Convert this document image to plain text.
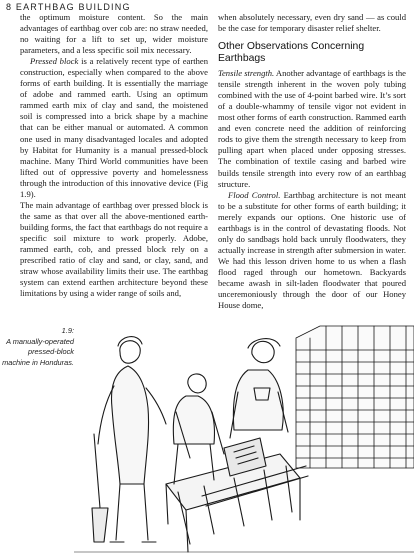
8 EARTHBAG BUILDING

the optimum moisture content. So the main advantages of earthbag over cob are: no straw needed, no waiting for a lift to set up, wider moisture parameters, and a less specific soil mix necessary.

Pressed block is a relatively recent type of earthen construction, especially when compared to the above forms of earth building. It is essentially the marriage of adobe and rammed earth. Using an optimum rammed earth mix of clay and sand, the moistened soil is compressed into a brick shape by a machine that can be either manual or automated. A common one used in many disadvantaged locales and adopted by Habitat for Humanity is a manual pressed-block machine. Many Third World communities have been lifted out of oppressive poverty and homelessness through the introduction of this innovative device (Fig 1.9).

The main advantage of earthbag over pressed block is the same as that over all the above-mentioned earth-building forms, the fact that earthbags do not require a specific soil mixture to work properly. Adobe, rammed earth, cob, and pressed block rely on a prescribed ratio of clay and sand, or clay, sand, and straw whose availability limits their use. The earthbag system can extend earthen architecture beyond these limitations by using a wider range of soils and,

when absolutely necessary, even dry sand — as could be the case for temporary disaster relief shelter.

Other Observations Concerning Earthbags

Tensile strength. Another advantage of earthbags is the tensile strength inherent in the woven poly tubing combined with the use of 4-point barbed wire. It’s sort of a double-whammy of tensile vigor not evident in most other forms of earth construction. Rammed earth and even concrete need the addition of reinforcing rods to give them the strength necessary to keep from pulling apart when placed under opposing stresses. The combination of textile casing and barbed wire builds tensile strength into every row of an earthbag structure.

Flood Control. Earthbag architecture is not meant to be a substitute for other forms of earth building; it merely expands our options. One historic use of earthbags is in the control of devastating floods. Not only do sandbags hold back unruly floodwaters, they actually increase in strength after submersion in water. We had this lesson driven home to us when a flash flood raged through our hometown. Backyards became awash in silt-laden floodwater that poured unceremoniously through the door of our Honey House dome,

1.9:
A manually-operated pressed-block machine in Honduras.
